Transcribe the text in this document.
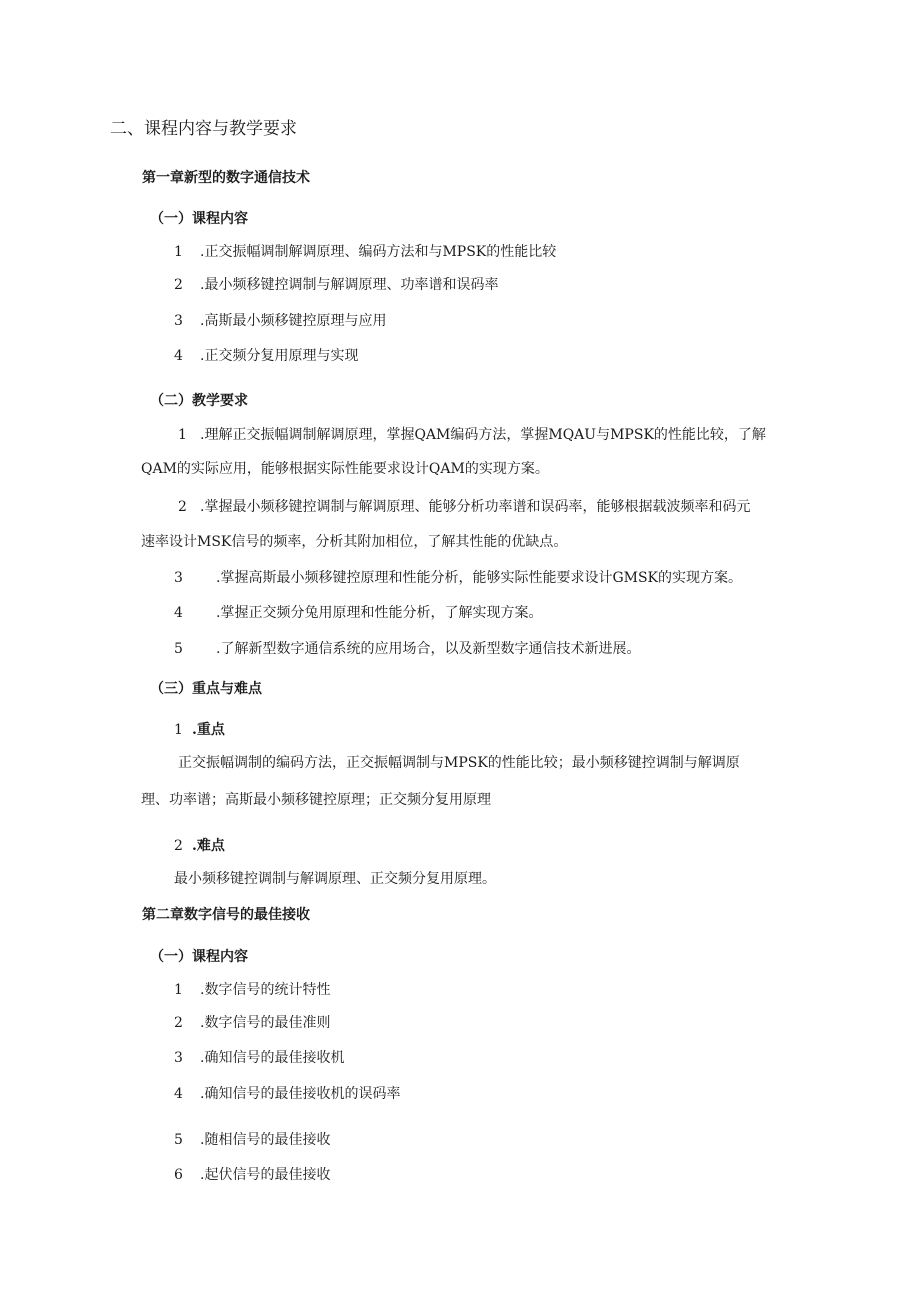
二、课程内容与教学要求
第一章新型的数字通信技术
（一）课程内容
1 .正交振幅调制解调原理、编码方法和与MPSK的性能比较
2 .最小频移键控调制与解调原理、功率谱和误码率
3 .高斯最小频移键控原理与应用
4 .正交频分复用原理与实现
（二）教学要求
1 .理解正交振幅调制解调原理，掌握QAM编码方法，掌握MQAU与MPSK的性能比较，了解
QAM的实际应用，能够根据实际性能要求设计QAM的实现方案。
2 .掌握最小频移键控调制与解调原理、能够分析功率谱和误码率，能够根据载波频率和码元
速率设计MSK信号的频率，分析其附加相位，了解其性能的优缺点。
3 .掌握高斯最小频移键控原理和性能分析，能够实际性能要求设计GMSK的实现方案。
4 .掌握正交频分兔用原理和性能分析，了解实现方案。
5 .了解新型数字通信系统的应用场合，以及新型数字通信技术新进展。
（三）重点与难点
1 .重点
正交振幅调制的编码方法，正交振幅调制与MPSK的性能比较；最小频移键控调制与解调原
理、功率谱；高斯最小频移键控原理；正交频分复用原理
2 .难点
最小频移键控调制与解调原理、正交频分复用原理。
第二章数字信号的最佳接收
（一）课程内容
1 .数字信号的统计特性
2 .数字信号的最佳准则
3 .确知信号的最佳接收机
4 .确知信号的最佳接收机的误码率
5 .随相信号的最佳接收
6 .起伏信号的最佳接收
